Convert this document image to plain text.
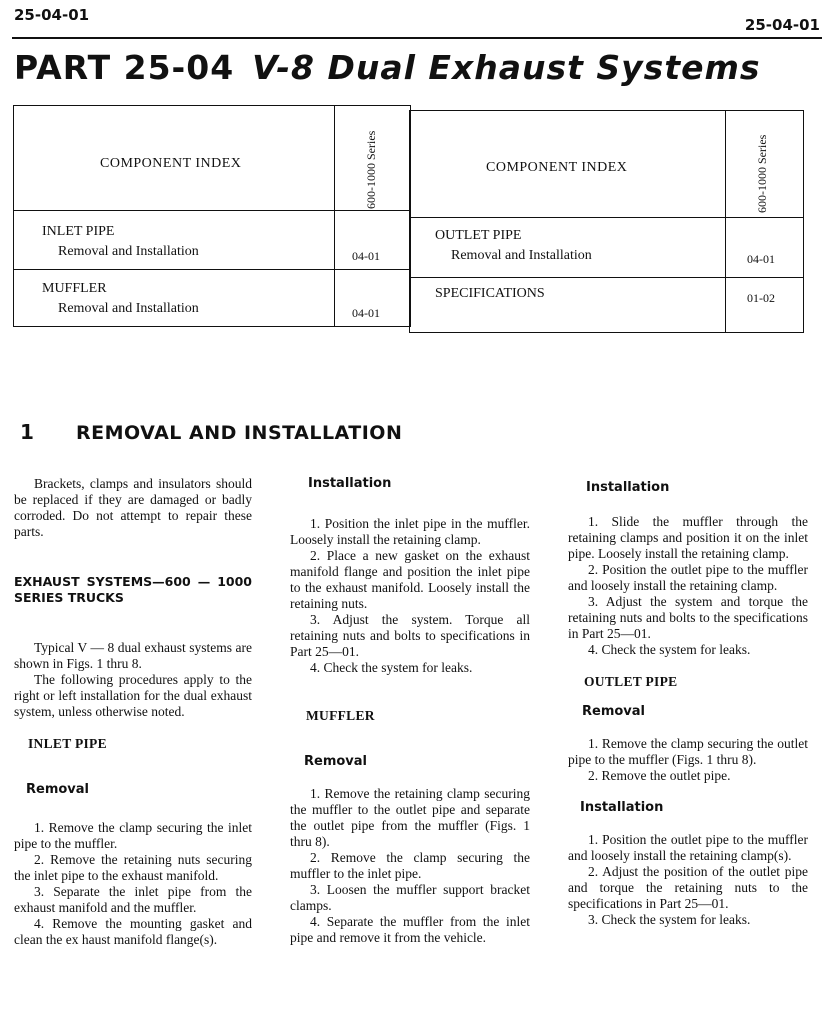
25-04-01
25-04-01
PART 25-04 V-8 Dual Exhaust Systems
COMPONENT INDEX	600-1000 Series
INLET PIPE
Removal and Installation	04-01
MUFFLER
Removal and Installation	04-01
COMPONENT INDEX	600-1000 Series
OUTLET PIPE
Removal and Installation	04-01
SPECIFICATIONS	01-02
1 REMOVAL AND INSTALLATION

Brackets, clamps and insulators should be replaced if they are damaged or badly corroded. Do not attempt to repair these parts.

EXHAUST SYSTEMS—600 — 1000 SERIES TRUCKS

Typical V — 8 dual exhaust systems are shown in Figs. 1 thru 8.

The following procedures apply to the right or left installation for the dual exhaust system, unless otherwise noted.

INLET PIPE

Removal

1. Remove the clamp securing the inlet pipe to the muffler.

2. Remove the retaining nuts securing the inlet pipe to the exhaust manifold.

3. Separate the inlet pipe from the exhaust manifold and the muffler.

4. Remove the mounting gasket and clean the ex haust manifold flange(s).

Installation

1. Position the inlet pipe in the muffler. Loosely install the retaining clamp.

2. Place a new gasket on the exhaust manifold flange and position the inlet pipe to the exhaust manifold. Loosely install the retaining nuts.

3. Adjust the system. Torque all retaining nuts and bolts to specifications in Part 25—01.

4. Check the system for leaks.

MUFFLER

Removal

1. Remove the retaining clamp securing the muffler to the outlet pipe and separate the outlet pipe from the muffler (Figs. 1 thru 8).

2. Remove the clamp securing the muffler to the inlet pipe.

3. Loosen the muffler support bracket clamps.

4. Separate the muffler from the inlet pipe and remove it from the vehicle.

Installation

1. Slide the muffler through the retaining clamps and position it on the inlet pipe. Loosely install the retaining clamp.

2. Position the outlet pipe to the muffler and loosely install the retaining clamp.

3. Adjust the system and torque the retaining nuts and bolts to the specifications in Part 25—01.

4. Check the system for leaks.

OUTLET PIPE

Removal

1. Remove the clamp securing the outlet pipe to the muffler (Figs. 1 thru 8).

2. Remove the outlet pipe.

Installation

1. Position the outlet pipe to the muffler and loosely install the retaining clamp(s).

2. Adjust the position of the outlet pipe and torque the retaining nuts to the specifications in Part 25—01.

3. Check the system for leaks.
